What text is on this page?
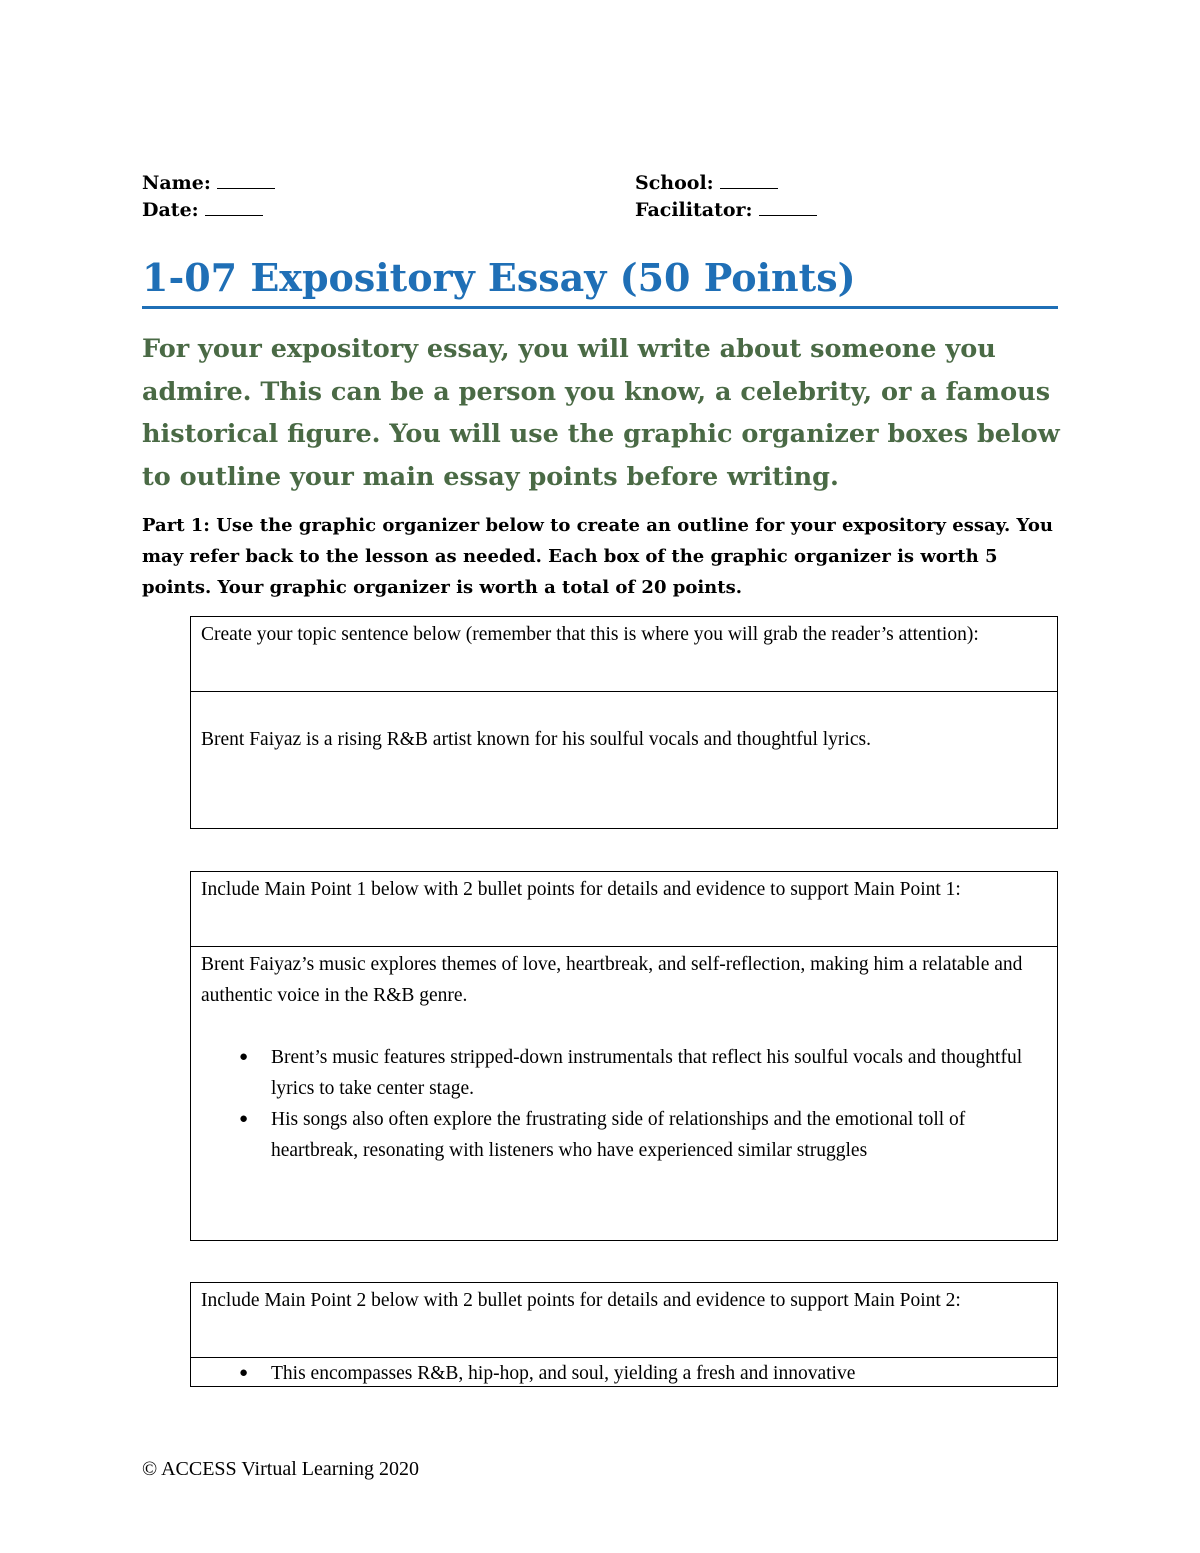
Name:
Date:
School:
Facilitator:
1-07 Expository Essay (50 Points)
For your expository essay, you will write about someone you admire. This can be a person you know, a celebrity, or a famous historical figure. You will use the graphic organizer boxes below to outline your main essay points before writing.
Part 1: Use the graphic organizer below to create an outline for your expository essay. You may refer back to the lesson as needed. Each box of the graphic organizer is worth 5 points. Your graphic organizer is worth a total of 20 points.
Create your topic sentence below (remember that this is where you will grab the reader’s attention):
Brent Faiyaz is a rising R&B artist known for his soulful vocals and thoughtful lyrics.
Include Main Point 1 below with 2 bullet points for details and evidence to support Main Point 1:
Brent Faiyaz’s music explores themes of love, heartbreak, and self-reflection, making him a relatable and authentic voice in the R&B genre.
● Brent’s music features stripped-down instrumentals that reflect his soulful vocals and thoughtful lyrics to take center stage.
● His songs also often explore the frustrating side of relationships and the emotional toll of heartbreak, resonating with listeners who have experienced similar struggles
Include Main Point 2 below with 2 bullet points for details and evidence to support Main Point 2:
● This encompasses R&B, hip-hop, and soul, yielding a fresh and innovative
© ACCESS Virtual Learning 2020
